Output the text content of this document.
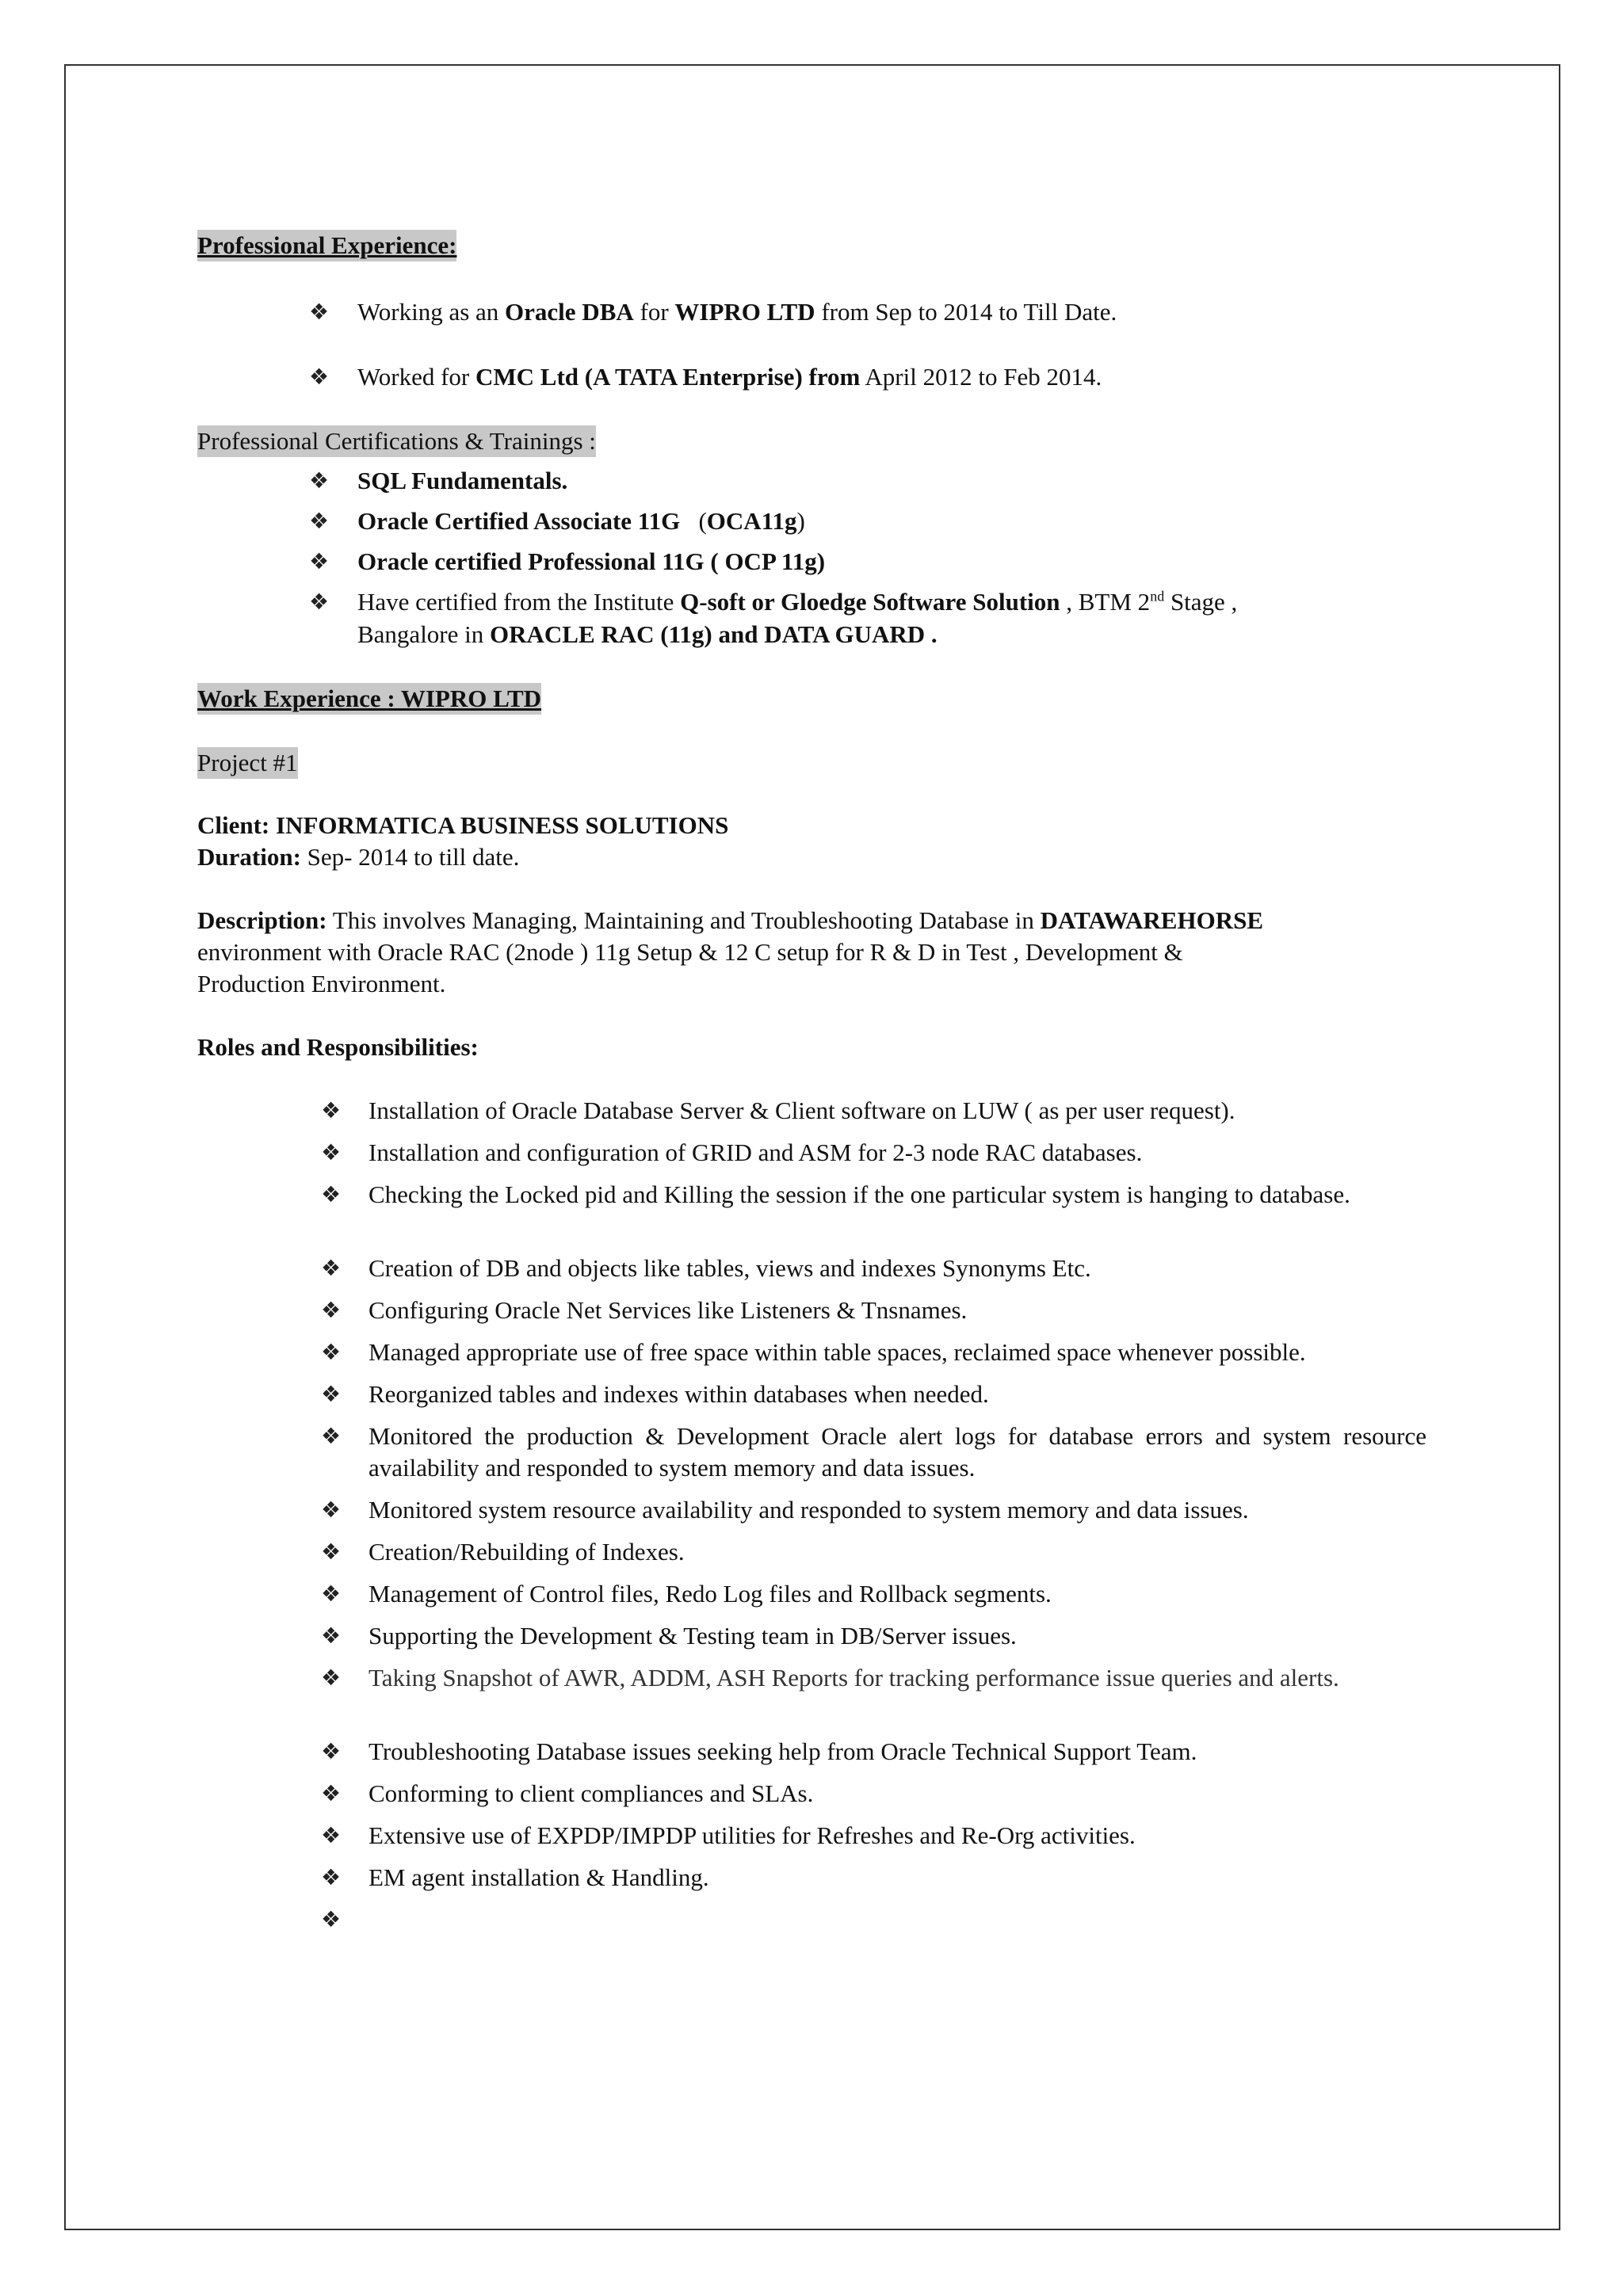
Professional Experience:
❖ Working as an Oracle DBA for WIPRO LTD from Sep to 2014 to Till Date.
❖ Worked for CMC Ltd (A TATA Enterprise) from April 2012 to Feb 2014.
Professional Certifications & Trainings :
❖ SQL Fundamentals.
❖ Oracle Certified Associate 11G   (OCA11g)
❖ Oracle certified Professional 11G ( OCP 11g)
❖ Have certified from the Institute Q-soft or Gloedge Software Solution , BTM 2nd Stage ,
Bangalore in ORACLE RAC (11g) and DATA GUARD .
Work Experience : WIPRO LTD
Project #1
Client: INFORMATICA BUSINESS SOLUTIONS
Duration: Sep- 2014 to till date.
Description: This involves Managing, Maintaining and Troubleshooting Database in DATAWAREHORSE
environment with Oracle RAC (2node ) 11g Setup & 12 C setup for R & D in Test , Development &
Production Environment.
Roles and Responsibilities:
❖ Installation of Oracle Database Server & Client software on LUW ( as per user request).
❖ Installation and configuration of GRID and ASM for 2-3 node RAC databases.
❖ Checking the Locked pid and Killing the session if the one particular system is hanging to database.
❖ Creation of DB and objects like tables, views and indexes Synonyms Etc.
❖ Configuring Oracle Net Services like Listeners & Tnsnames.
❖ Managed appropriate use of free space within table spaces, reclaimed space whenever possible.
❖ Reorganized tables and indexes within databases when needed.
❖ Monitored the production & Development Oracle alert logs for database errors and system resource availability and responded to system memory and data issues.
❖ Monitored system resource availability and responded to system memory and data issues.
❖ Creation/Rebuilding of Indexes.
❖ Management of Control files, Redo Log files and Rollback segments.
❖ Supporting the Development & Testing team in DB/Server issues.
❖ Taking Snapshot of AWR, ADDM, ASH Reports for tracking performance issue queries and alerts.
❖ Troubleshooting Database issues seeking help from Oracle Technical Support Team.
❖ Conforming to client compliances and SLAs.
❖ Extensive use of EXPDP/IMPDP utilities for Refreshes and Re-Org activities.
❖ EM agent installation & Handling.
❖
